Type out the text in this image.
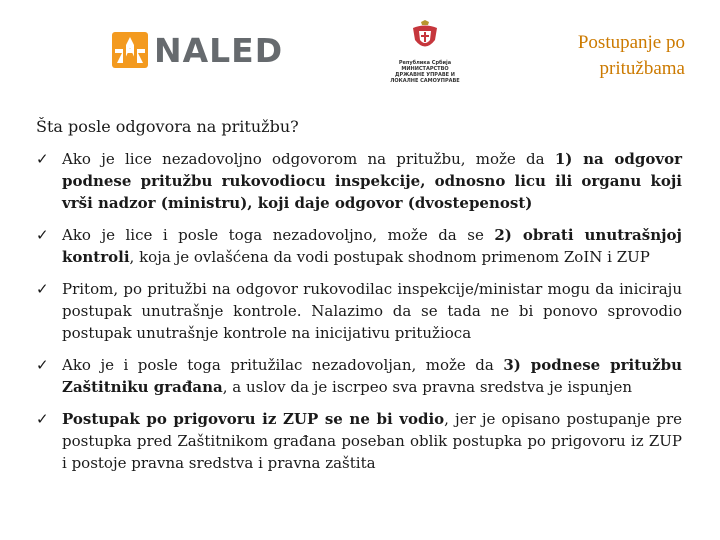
NALED	Република Србија МИНИСТАРСТВО ДРЖАВНЕ УПРАВЕ И ЛОКАЛНЕ САМОУПРАВЕ
Postupanje po
pritužbama
Šta posle odgovora na pritužbu?
✓ Ako je lice nezadovoljno odgovorom na pritužbu, može da 1) na odgovor podnese pritužbu rukovodiocu inspekcije, odnosno licu ili organu koji vrši nadzor (ministru), koji daje odgovor (dvostepenost)
✓ Ako je lice i posle toga nezadovoljno, može da se 2) obrati unutrašnjoj kontroli, koja je ovlašćena da vodi postupak shodnom primenom ZoIN i ZUP
✓ Pritom, po pritužbi na odgovor rukovodilac inspekcije/ministar mogu da iniciraju postupak unutrašnje kontrole. Nalazimo da se tada ne bi ponovo sprovodio postupak unutrašnje kontrole na inicijativu pritužioca
✓ Ako je i posle toga pritužilac nezadovoljan, može da 3) podnese pritužbu Zaštitniku građana, a uslov da je iscrpeo sva pravna sredstva je ispunjen
✓ Postupak po prigovoru iz ZUP se ne bi vodio, jer je opisano postupanje pre postupka pred Zaštitnikom građana poseban oblik postupka po prigovoru iz ZUP i postoje pravna sredstva i pravna zaštita
